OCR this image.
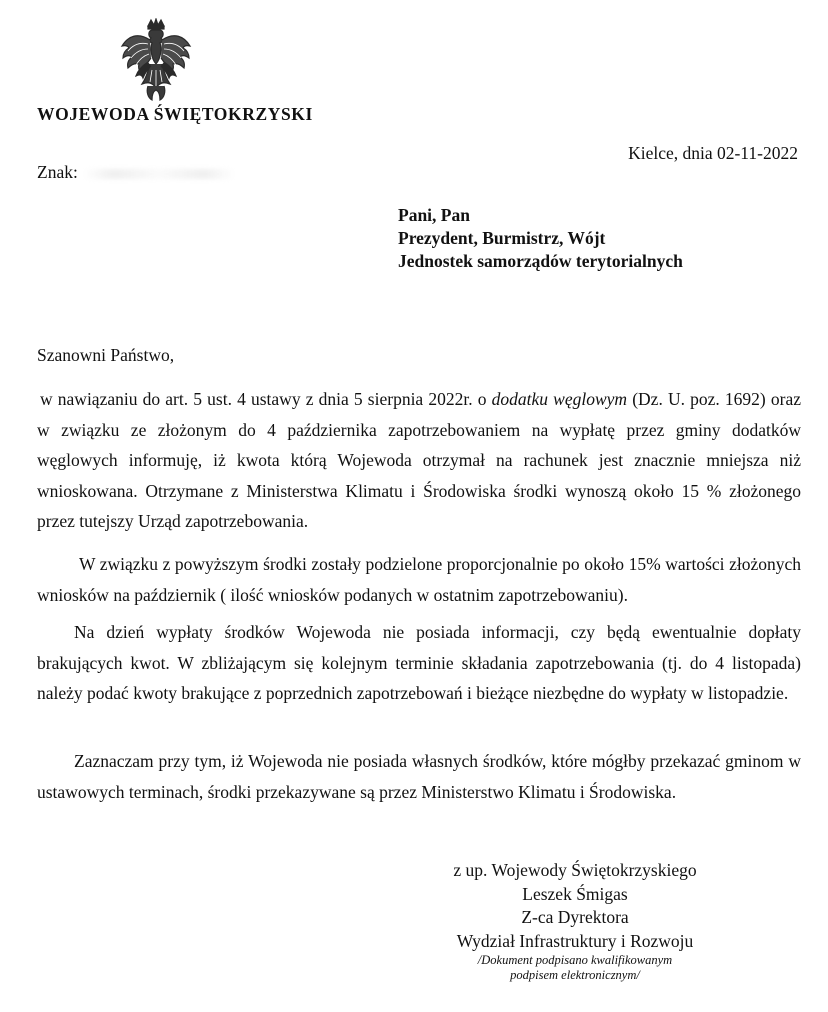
WOJEWODA ŚWIĘTOKRZYSKI
Kielce, dnia 02-11-2022
Znak:
Pani, Pan
Prezydent, Burmistrz, Wójt
Jednostek samorządów terytorialnych
Szanowni Państwo,
w nawiązaniu do art. 5 ust. 4 ustawy z dnia 5 sierpnia 2022r. o dodatku węglowym (Dz. U. poz. 1692) oraz w związku ze złożonym do 4 października zapotrzebowaniem na wypłatę przez gminy dodatków węglowych informuję, iż kwota którą Wojewoda otrzymał na rachunek jest znacznie mniejsza niż wnioskowana. Otrzymane z Ministerstwa Klimatu i Środowiska środki wynoszą około 15 % złożonego przez tutejszy Urząd zapotrzebowania.
W związku z powyższym środki zostały podzielone proporcjonalnie po około 15% wartości złożonych wniosków na październik ( ilość wniosków podanych w ostatnim zapotrzebowaniu).
Na dzień wypłaty środków Wojewoda nie posiada informacji, czy będą ewentualnie dopłaty brakujących kwot. W zbliżającym się kolejnym terminie składania zapotrzebowania (tj. do 4 listopada) należy podać kwoty brakujące z poprzednich zapotrzebowań i bieżące niezbędne do wypłaty w listopadzie.
Zaznaczam przy tym, iż Wojewoda nie posiada własnych środków, które mógłby przekazać gminom w ustawowych terminach, środki przekazywane są przez Ministerstwo Klimatu i Środowiska.
z up. Wojewody Świętokrzyskiego
Leszek Śmigas
Z-ca Dyrektora
Wydział Infrastruktury i Rozwoju
/Dokument podpisano kwalifikowanym
podpisem elektronicznym/
